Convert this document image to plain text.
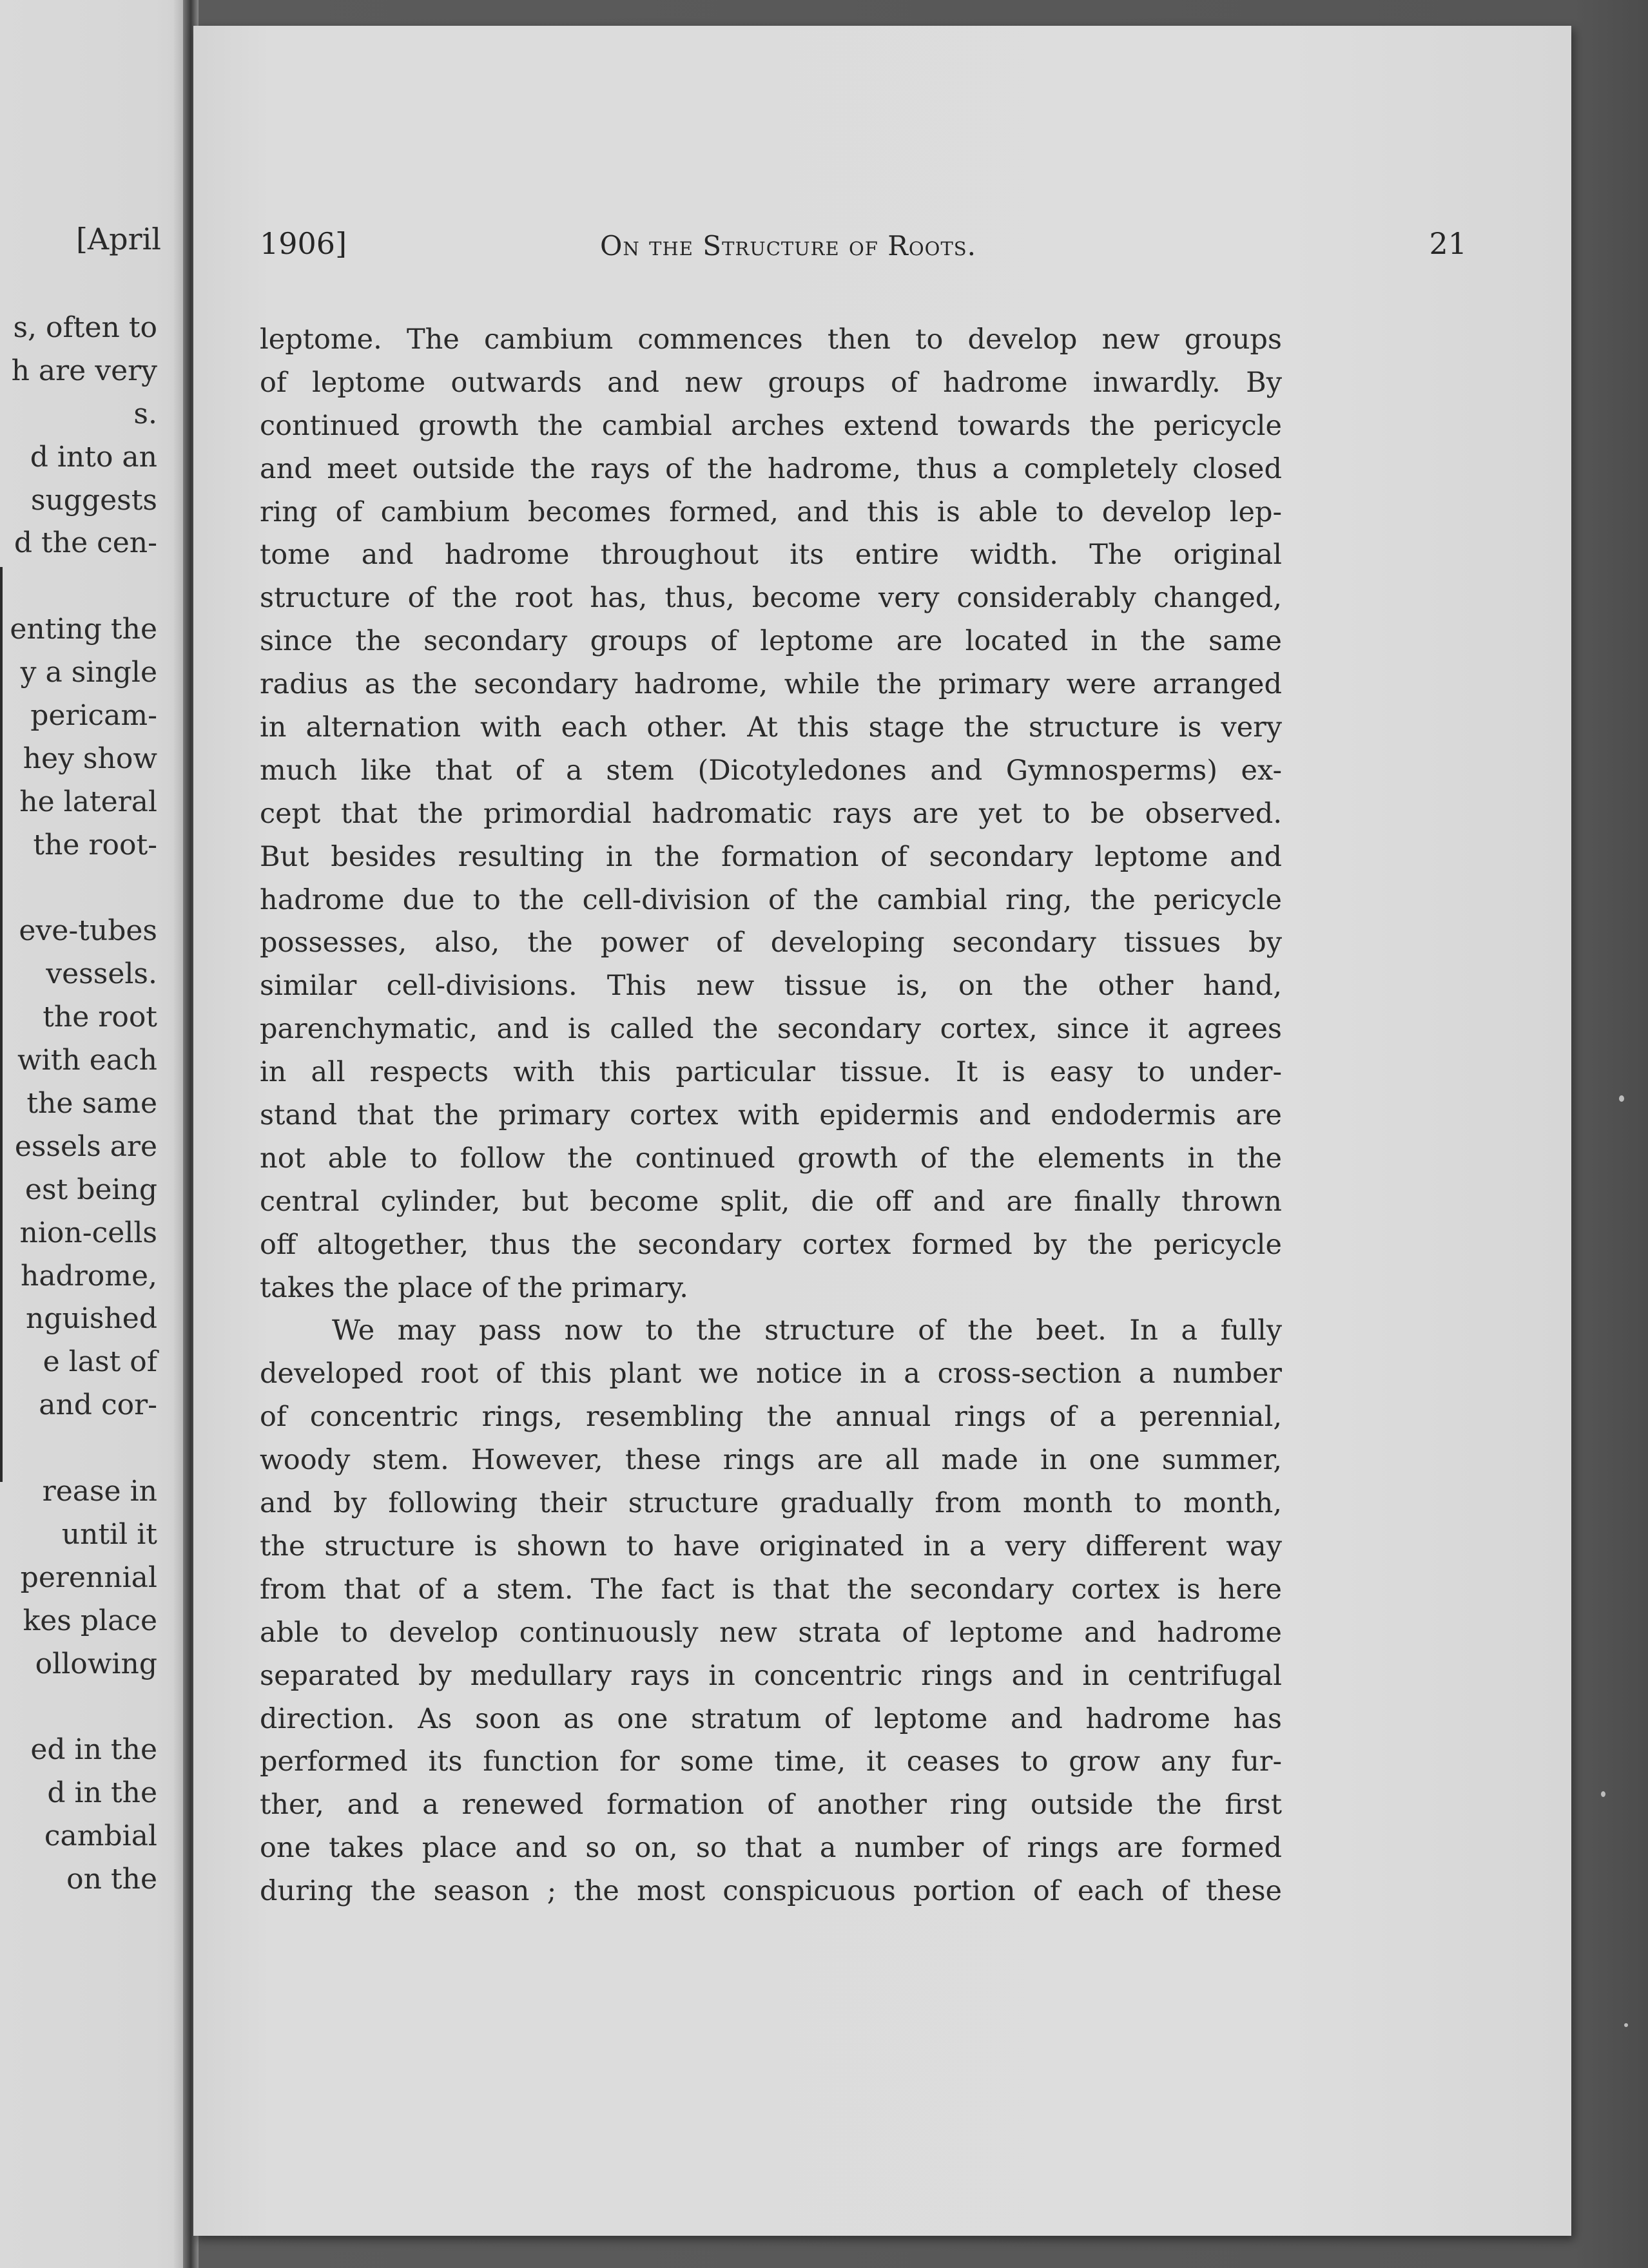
[April
s, often to
h are very
s.
d into an
suggests
d the cen-
enting the
y a single
pericam-
hey show
he lateral
the root-
eve-tubes
vessels.
the root
with each
the same
essels are
est being
nion-cells
hadrome,
nguished
e last of
and cor-
rease in
until it
perennial
kes place
ollowing
ed in the
d in the
cambial
on the
1906]	On the Structure of Roots.	21
leptome. The cambium commences then to develop new groups
of leptome outwards and new groups of hadrome inwardly. By
continued growth the cambial arches extend towards the pericycle
and meet outside the rays of the hadrome, thus a completely closed
ring of cambium becomes formed, and this is able to develop lep-
tome and hadrome throughout its entire width. The original
structure of the root has, thus, become very considerably changed,
since the secondary groups of leptome are located in the same
radius as the secondary hadrome, while the primary were arranged
in alternation with each other. At this stage the structure is very
much like that of a stem (Dicotyledones and Gymnosperms) ex-
cept that the primordial hadromatic rays are yet to be observed.
But besides resulting in the formation of secondary leptome and
hadrome due to the cell-division of the cambial ring, the pericycle
possesses, also, the power of developing secondary tissues by
similar cell-divisions. This new tissue is, on the other hand,
parenchymatic, and is called the secondary cortex, since it agrees
in all respects with this particular tissue. It is easy to under-
stand that the primary cortex with epidermis and endodermis are
not able to follow the continued growth of the elements in the
central cylinder, but become split, die off and are finally thrown
off altogether, thus the secondary cortex formed by the pericycle
takes the place of the primary.
We may pass now to the structure of the beet. In a fully
developed root of this plant we notice in a cross-section a number
of concentric rings, resembling the annual rings of a perennial,
woody stem. However, these rings are all made in one summer,
and by following their structure gradually from month to month,
the structure is shown to have originated in a very different way
from that of a stem. The fact is that the secondary cortex is here
able to develop continuously new strata of leptome and hadrome
separated by medullary rays in concentric rings and in centrifugal
direction. As soon as one stratum of leptome and hadrome has
performed its function for some time, it ceases to grow any fur-
ther, and a renewed formation of another ring outside the first
one takes place and so on, so that a number of rings are formed
during the season ; the most conspicuous portion of each of these
